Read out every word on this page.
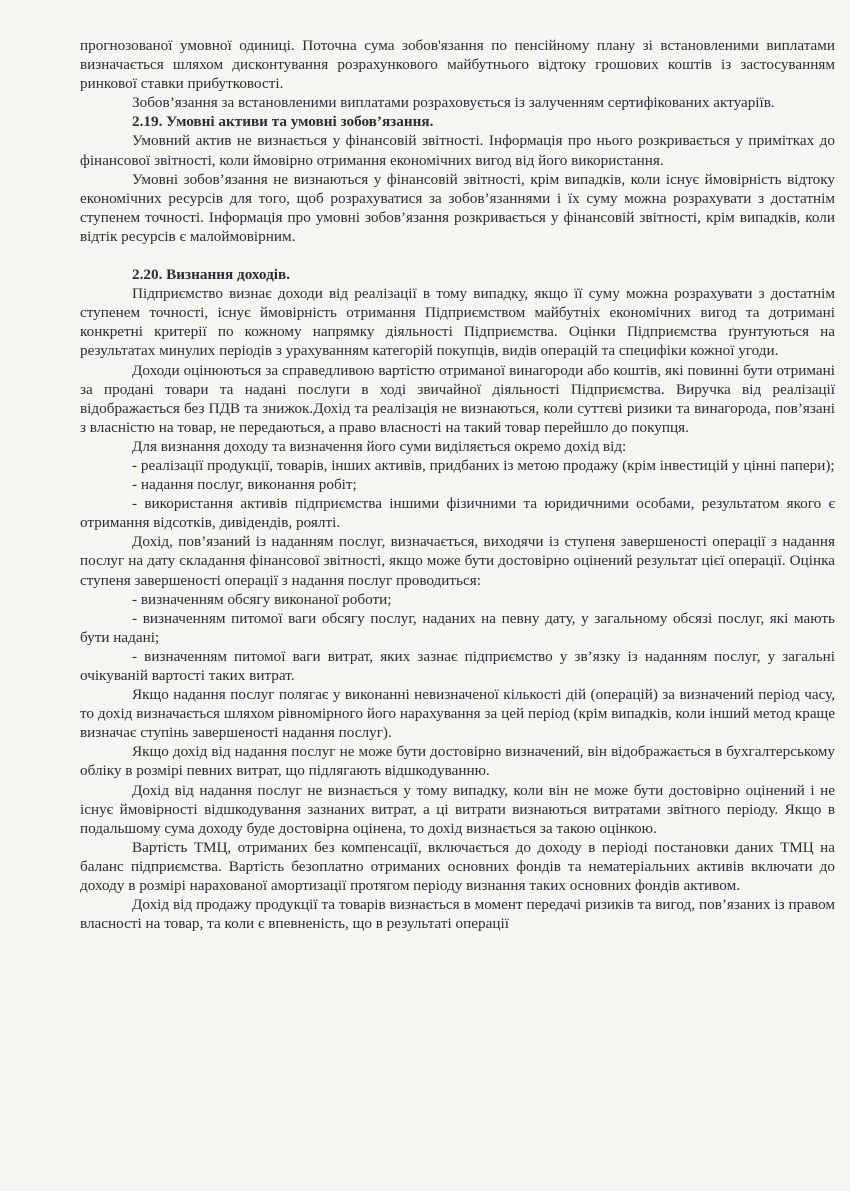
прогнозованої умовної одиниці. Поточна сума зобов'язання по пенсійному плану зі встановленими виплатами визначається шляхом дисконтування розрахункового майбутнього відтоку грошових коштів із застосуванням ринкової ставки прибутковості.

Зобов’язання за встановленими виплатами розраховується із залученням сертифікованих актуаріїв.

2.19. Умовні активи та умовні зобов’язання.

Умовний актив не визнається у фінансовій звітності. Інформація про нього розкривається у примітках до фінансової звітності, коли ймовірно отримання економічних вигод від його використання.

Умовні зобов’язання не визнаються у фінансовій звітності, крім випадків, коли існує ймовірність відтоку економічних ресурсів для того, щоб розрахуватися за зобов’язаннями і їх суму можна розрахувати з достатнім ступенем точності. Інформація про умовні зобов’язання розкривається у фінансовій звітності, крім випадків, коли відтік ресурсів є малоймовірним.

2.20. Визнання доходів.

Підприємство визнає доходи від реалізації в тому випадку, якщо її суму можна розрахувати з достатнім ступенем точності, існує ймовірність отримання Підприємством майбутніх економічних вигод та дотримані конкретні критерії по кожному напрямку діяльності Підприємства. Оцінки Підприємства ґрунтуються на результатах минулих періодів з урахуванням категорій покупців, видів операцій та специфіки кожної угоди.

Доходи оцінюються за справедливою вартістю отриманої винагороди або коштів, які повинні бути отримані за продані товари та надані послуги в ході звичайної діяльності Підприємства. Виручка від реалізації відображається без ПДВ та знижок.Дохід та реалізація не визнаються, коли суттєві ризики та винагорода, пов’язані з власністю на товар, не передаються, а право власності на такий товар перейшло до покупця.

Для визнання доходу та визначення його суми виділяється окремо дохід від:

- реалізації продукції, товарів, інших активів, придбаних із метою продажу (крім інвестицій у цінні папери);

- надання послуг, виконання робіт;

- використання активів підприємства іншими фізичними та юридичними особами, результатом якого є отримання відсотків, дивідендів, роялті.

Дохід, пов’язаний із наданням послуг, визначається, виходячи із ступеня завершеності операції з надання послуг на дату складання фінансової звітності, якщо може бути достовірно оцінений результат цієї операції. Оцінка ступеня завершеності операції з надання послуг проводиться:

- визначенням обсягу виконаної роботи;

- визначенням питомої ваги обсягу послуг, наданих на певну дату, у загальному обсязі послуг, які мають бути надані;

- визначенням питомої ваги витрат, яких зазнає підприємство у зв’язку із наданням послуг, у загальні очікуваній вартості таких витрат.

Якщо надання послуг полягає у виконанні невизначеної кількості дій (операцій) за визначений період часу, то дохід визначається шляхом рівномірного його нарахування за цей період (крім випадків, коли інший метод краще визначає ступінь завершеності надання послуг).

Якщо дохід від надання послуг не може бути достовірно визначений, він відображається в бухгалтерському обліку в розмірі певних витрат, що підлягають відшкодуванню.

Дохід від надання послуг не визнається у тому випадку, коли він не може бути достовірно оцінений і не існує ймовірності відшкодування зазнаних витрат, а ці витрати визнаються витратами звітного періоду. Якщо в подальшому сума доходу буде достовірна оцінена, то дохід визнається за такою оцінкою.

Вартість ТМЦ, отриманих без компенсації, включається до доходу в періоді постановки даних ТМЦ на баланс підприємства. Вартість безоплатно отриманих основних фондів та нематеріальних активів включати до доходу в розмірі нарахованої амортизації протягом періоду визнання таких основних фондів активом.

Дохід від продажу продукції та товарів визнається в момент передачі ризиків та вигод, пов’язаних із правом власності на товар, та коли є впевненість, що в результаті операції
